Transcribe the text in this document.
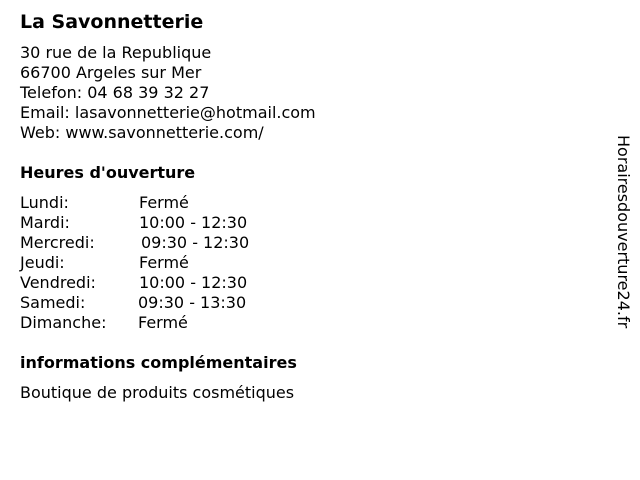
La Savonnetterie
30 rue de la Republique
66700 Argeles sur Mer
Telefon: 04 68 39 32 27
Email: lasavonnetterie@hotmail.com
Web: www.savonnetterie.com/
Heures d'ouverture
Lundi:	Fermé
Mardi:	10:00 - 12:30
Mercredi:	09:30 - 12:30
Jeudi:	Fermé
Vendredi:	10:00 - 12:30
Samedi:	09:30 - 13:30
Dimanche:	Fermé
informations complémentaires
Boutique de produits cosmétiques
Horairesdouverture24.fr
